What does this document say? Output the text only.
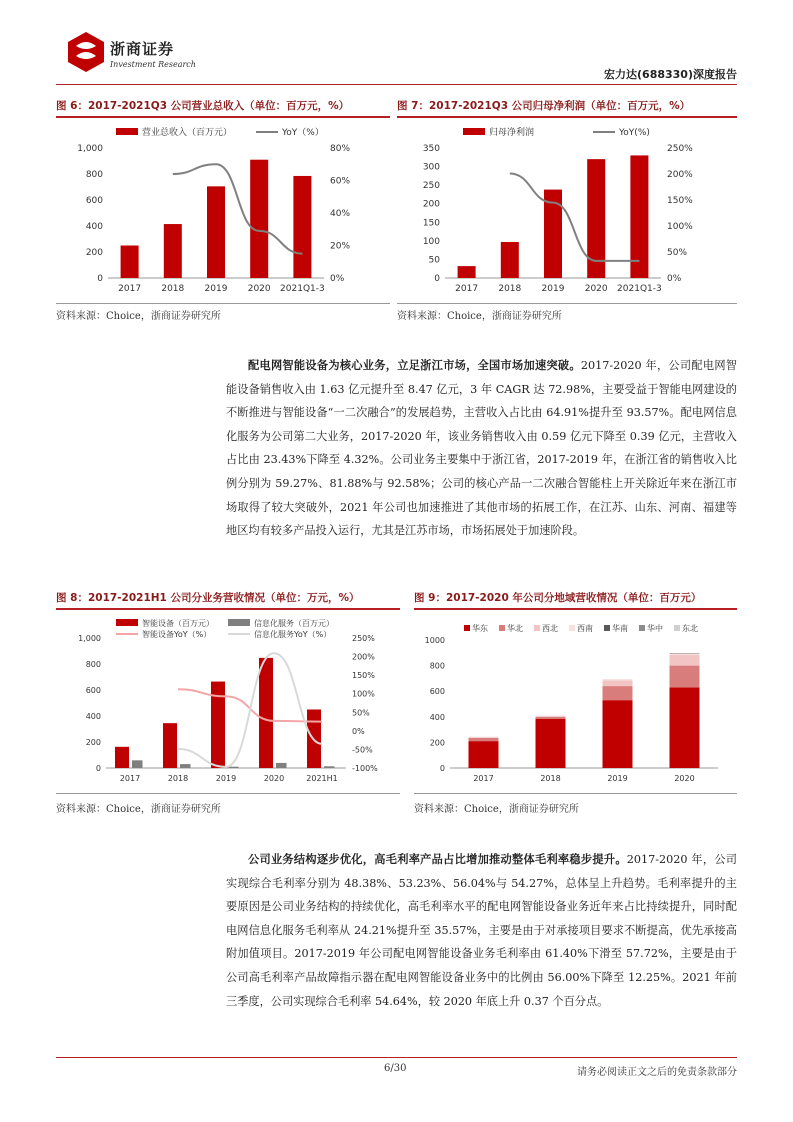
浙商证券
Investment Research
宏力达(688330)深度报告
图 6：2017-2021Q3 公司营业总收入（单位：百万元，%）
0
200
400
600
800
1,000
0%
20%
40%
60%
80%
2017 2018 2019 2020 2021Q1-3
营业总收入（百万元）	YoY（%）
资料来源：Choice，浙商证券研究所
图 7：2017-2021Q3 公司归母净利润（单位：百万元，%）
0
50
100
150
200
250
300
350
0%
50%
100%
150%
200%
250%
2017 2018 2019 2020 2021Q1-3
归母净利润	YoY(%)
资料来源：Choice，浙商证券研究所
配电网智能设备为核心业务，立足浙江市场，全国市场加速突破。2017-2020 年，公司配电网智能设备销售收入由 1.63 亿元提升至 8.47 亿元，3 年 CAGR 达 72.98%，主要受益于智能电网建设的不断推进与智能设备“一二次融合”的发展趋势，主营收入占比由 64.91%提升至 93.57%。配电网信息化服务为公司第二大业务，2017-2020 年，该业务销售收入由 0.59 亿元下降至 0.39 亿元，主营收入占比由 23.43%下降至 4.32%。公司业务主要集中于浙江省，2017-2019 年，在浙江省的销售收入比例分别为 59.27%、81.88%与 92.58%；公司的核心产品一二次融合智能柱上开关除近年来在浙江市场取得了较大突破外，2021 年公司也加速推进了其他市场的拓展工作，在江苏、山东、河南、福建等地区均有较多产品投入运行，尤其是江苏市场，市场拓展处于加速阶段。
图 8：2017-2021H1 公司分业务营收情况（单位：万元，%）
0
200
400
600
800
1,000
-100%
-50%
0%
50%
100%
150%
200%
250%
2017	2018	2019	2020	2021H1
智能设备（百万元）	信息化服务（百万元）
智能设备YoY（%）	信息化服务YoY（%）
资料来源：Choice，浙商证券研究所
图 9：2017-2020 年公司分地域营收情况（单位：百万元）
0
200
400
600
800
1000
2017	2018	2019	2020
华东 华北 西北 西南 华南 华中 东北
资料来源：Choice，浙商证券研究所
公司业务结构逐步优化，高毛利率产品占比增加推动整体毛利率稳步提升。2017-2020 年，公司实现综合毛利率分别为 48.38%、53.23%、56.04%与 54.27%，总体呈上升趋势。毛利率提升的主要原因是公司业务结构的持续优化，高毛利率水平的配电网智能设备业务近年来占比持续提升，同时配电网信息化服务毛利率从 24.21%提升至 35.57%，主要是由于对承接项目要求不断提高，优先承接高附加值项目。2017-2019 年公司配电网智能设备业务毛利率由 61.40%下滑至 57.72%，主要是由于公司高毛利率产品故障指示器在配电网智能设备业务中的比例由 56.00%下降至 12.25%。2021 年前三季度，公司实现综合毛利率 54.64%，较 2020 年底上升 0.37 个百分点。
6/30	请务必阅读正文之后的免责条款部分
